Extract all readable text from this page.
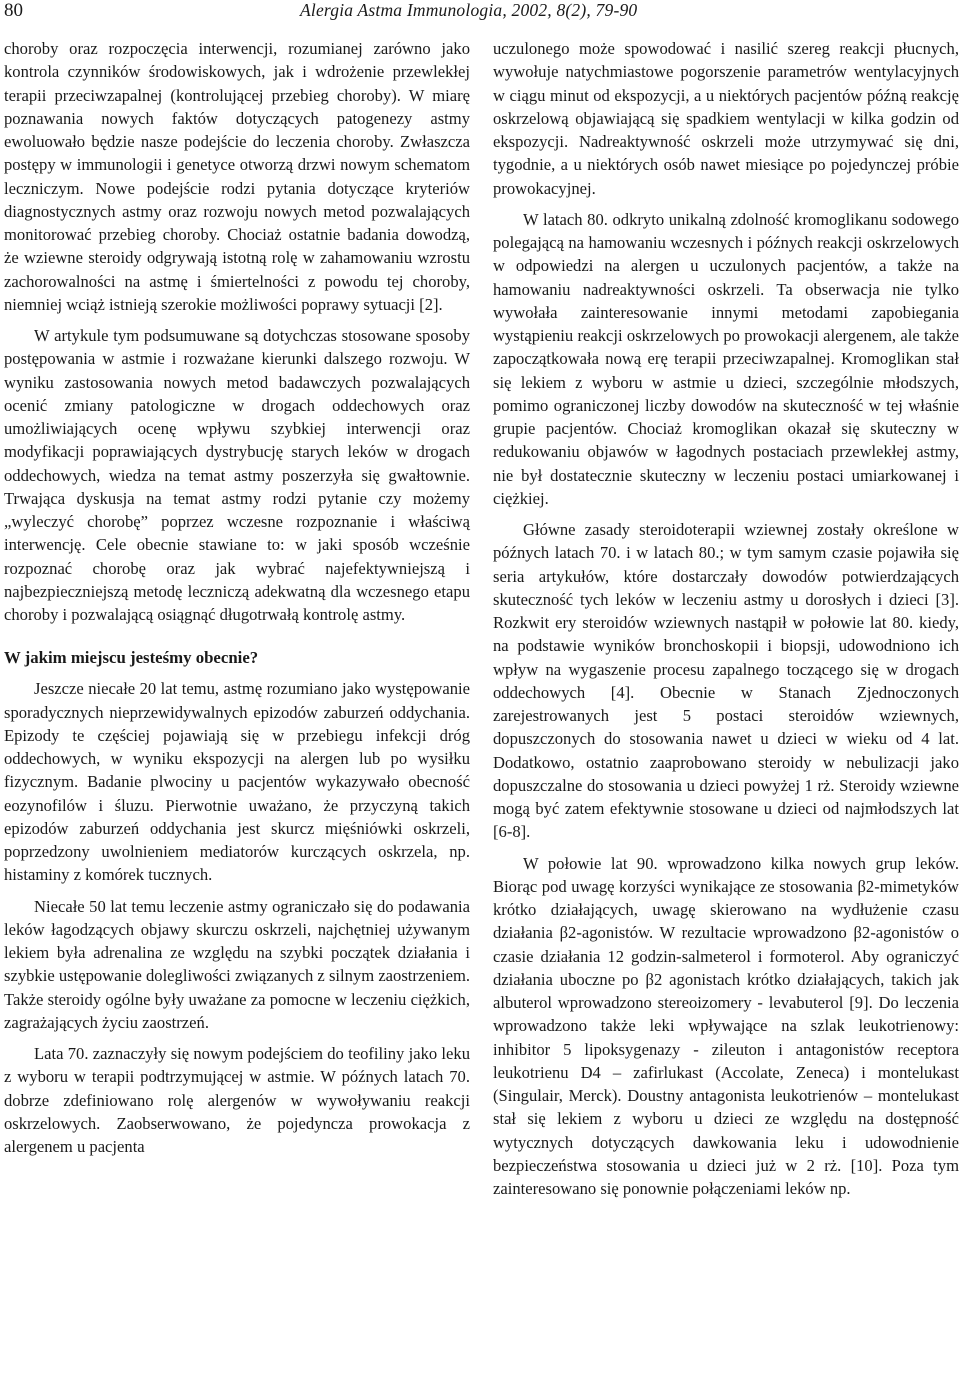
80	Alergia Astma Immunologia, 2002, 8(2), 79-90

choroby oraz rozpoczęcia interwencji, rozumianej zarówno jako kontrola czynników środowiskowych, jak i wdrożenie przewlekłej terapii przeciwzapalnej (kontrolującej przebieg choroby). W miarę poznawania nowych faktów dotyczących patogenezy astmy ewoluowało będzie nasze podejście do leczenia choroby. Zwłaszcza postępy w immunologii i genetyce otworzą drzwi nowym schematom leczniczym. Nowe podejście rodzi pytania dotyczące kryteriów diagnostycznych astmy oraz rozwoju nowych metod pozwalających monitorować przebieg choroby. Chociaż ostatnie badania dowodzą, że wziewne steroidy odgrywają istotną rolę w zahamowaniu wzrostu zachorowalności na astmę i śmiertelności z powodu tej choroby, niemniej wciąż istnieją szerokie możliwości poprawy sytuacji [2].

W artykule tym podsumuwane są dotychczas stosowane sposoby postępowania w astmie i rozważane kierunki dalszego rozwoju. W wyniku zastosowania nowych metod badawczych pozwalających ocenić zmiany patologiczne w drogach oddechowych oraz umożliwiających ocenę wpływu szybkiej interwencji oraz modyfikacji poprawiających dystrybucję starych leków w drogach oddechowych, wiedza na temat astmy poszerzyła się gwałtownie. Trwająca dyskusja na temat astmy rodzi pytanie czy możemy „wyleczyć chorobę” poprzez wczesne rozpoznanie i właściwą interwencję. Cele obecnie stawiane to: w jaki sposób wcześnie rozpoznać chorobę oraz jak wybrać najefektywniejszą i najbezpieczniejszą metodę leczniczą adekwatną dla wczesnego etapu choroby i pozwalającą osiągnąć długotrwałą kontrolę astmy.

W jakim miejscu jesteśmy obecnie?

Jeszcze niecałe 20 lat temu, astmę rozumiano jako występowanie sporadycznych nieprzewidywalnych epizodów zaburzeń oddychania. Epizody te częściej pojawiają się w przebiegu infekcji dróg oddechowych, w wyniku ekspozycji na alergen lub po wysiłku fizycznym. Badanie plwociny u pacjentów wykazywało obecność eozynofilów i śluzu. Pierwotnie uważano, że przyczyną takich epizodów zaburzeń oddychania jest skurcz mięśniówki oskrzeli, poprzedzony uwolnieniem mediatorów kurczących oskrzela, np. histaminy z komórek tucznych.

Niecałe 50 lat temu leczenie astmy ograniczało się do podawania leków łagodzących objawy skurczu oskrzeli, najchętniej używanym lekiem była adrenalina ze względu na szybki początek działania i szybkie ustępowanie dolegliwości związanych z silnym zaostrzeniem. Także steroidy ogólne były uważane za pomocne w leczeniu ciężkich, zagrażających życiu zaostrzeń.

Lata 70. zaznaczyły się nowym podejściem do teofiliny jako leku z wyboru w terapii podtrzymującej w astmie. W późnych latach 70. dobrze zdefiniowano rolę alergenów w wywoływaniu reakcji oskrzelowych. Zaobserwowano, że pojedyncza prowokacja z alergenem u pacjenta

uczulonego może spowodować i nasilić szereg reakcji płucnych, wywołuje natychmiastowe pogorszenie parametrów wentylacyjnych w ciągu minut od ekspozycji, a u niektórych pacjentów późną reakcję oskrzelową objawiającą się spadkiem wentylacji w kilka godzin od ekspozycji. Nadreaktywność oskrzeli może utrzymywać się dni, tygodnie, a u niektórych osób nawet miesiące po pojedynczej próbie prowokacyjnej.

W latach 80. odkryto unikalną zdolność kromoglikanu sodowego polegającą na hamowaniu wczesnych i późnych reakcji oskrzelowych w odpowiedzi na alergen u uczulonych pacjentów, a także na hamowaniu nadreaktywności oskrzeli. Ta obserwacja nie tylko wywołała zainteresowanie innymi metodami zapobiegania wystąpieniu reakcji oskrzelowych po prowokacji alergenem, ale także zapoczątkowała nową erę terapii przeciwzapalnej. Kromoglikan stał się lekiem z wyboru w astmie u dzieci, szczególnie młodszych, pomimo ograniczonej liczby dowodów na skuteczność w tej właśnie grupie pacjentów. Chociaż kromoglikan okazał się skuteczny w redukowaniu objawów w łagodnych postaciach przewlekłej astmy, nie był dostatecznie skuteczny w leczeniu postaci umiarkowanej i ciężkiej.

Główne zasady steroidoterapii wziewnej zostały określone w późnych latach 70. i w latach 80.; w tym samym czasie pojawiła się seria artykułów, które dostarczały dowodów potwierdzających skuteczność tych leków w leczeniu astmy u dorosłych i dzieci [3]. Rozkwit ery steroidów wziewnych nastąpił w połowie lat 80. kiedy, na podstawie wyników bronchoskopii i biopsji, udowodniono ich wpływ na wygaszenie procesu zapalnego toczącego się w drogach oddechowych [4]. Obecnie w Stanach Zjednoczonych zarejestrowanych jest 5 postaci steroidów wziewnych, dopuszczonych do stosowania nawet u dzieci w wieku od 4 lat. Dodatkowo, ostatnio zaaprobowano steroidy w nebulizacji jako dopuszczalne do stosowania u dzieci powyżej 1 rż. Steroidy wziewne mogą być zatem efektywnie stosowane u dzieci od najmłodszych lat [6-8].

W połowie lat 90. wprowadzono kilka nowych grup leków. Biorąc pod uwagę korzyści wynikające ze stosowania β2-mimetyków krótko działających, uwagę skierowano na wydłużenie czasu działania β2-agonistów. W rezultacie wprowadzono β2-agonistów o czasie działania 12 godzin-salmeterol i formoterol. Aby ograniczyć działania uboczne po β2 agonistach krótko działających, takich jak albuterol wprowadzono stereoizomery - levabuterol [9]. Do leczenia wprowadzono także leki wpływające na szlak leukotrienowy: inhibitor 5 lipoksygenazy - zileuton i antagonistów receptora leukotrienu D4 – zafirlukast (Accolate, Zeneca) i montelukast (Singulair, Merck). Doustny antagonista leukotrienów – montelukast stał się lekiem z wyboru u dzieci ze względu na dostępność wytycznych dotyczących dawkowania leku i udowodnienie bezpieczeństwa stosowania u dzieci już w 2 rż. [10]. Poza tym zainteresowano się ponownie połączeniami leków np.
